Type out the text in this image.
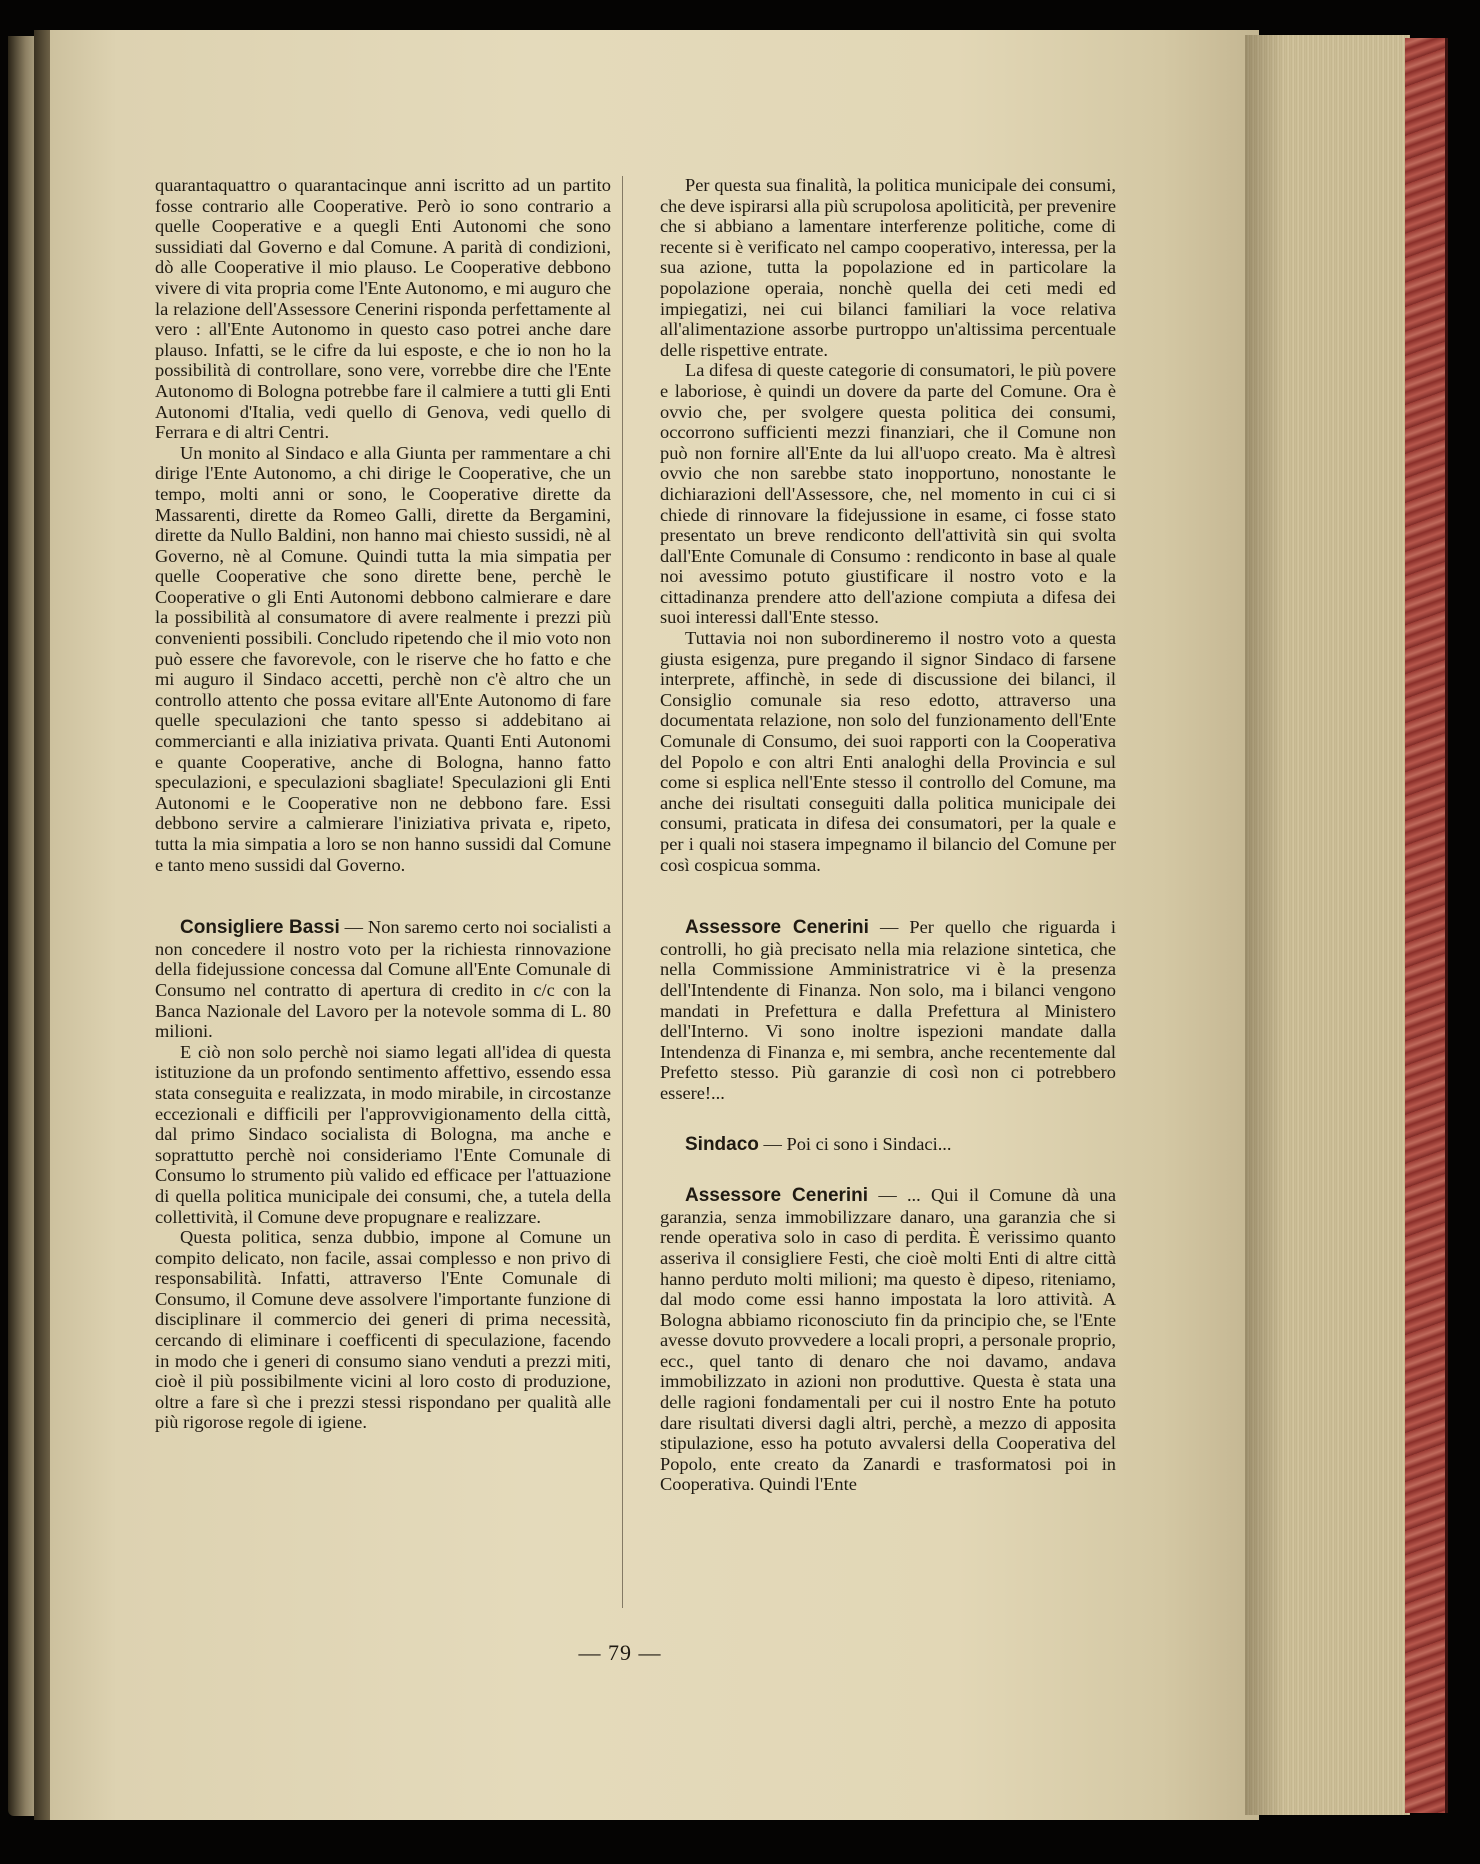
quarantaquattro o quarantacinque anni iscritto ad un partito fosse contrario alle Cooperative. Però io sono contrario a quelle Cooperative e a quegli Enti Autonomi che sono sussidiati dal Governo e dal Comune. A parità di condizioni, dò alle Cooperative il mio plauso. Le Cooperative debbono vivere di vita propria come l'Ente Autonomo, e mi auguro che la relazione dell'Assessore Cenerini risponda perfettamente al vero : all'Ente Autonomo in questo caso potrei anche dare plauso. Infatti, se le cifre da lui esposte, e che io non ho la possibilità di controllare, sono vere, vorrebbe dire che l'Ente Autonomo di Bologna potrebbe fare il calmiere a tutti gli Enti Autonomi d'Italia, vedi quello di Genova, vedi quello di Ferrara e di altri Centri.

Un monito al Sindaco e alla Giunta per rammentare a chi dirige l'Ente Autonomo, a chi dirige le Cooperative, che un tempo, molti anni or sono, le Cooperative dirette da Massarenti, dirette da Romeo Galli, dirette da Bergamini, dirette da Nullo Baldini, non hanno mai chiesto sussidi, nè al Governo, nè al Comune. Quindi tutta la mia simpatia per quelle Cooperative che sono dirette bene, perchè le Cooperative o gli Enti Autonomi debbono calmierare e dare la possibilità al consumatore di avere realmente i prezzi più convenienti possibili. Concludo ripetendo che il mio voto non può essere che favorevole, con le riserve che ho fatto e che mi auguro il Sindaco accetti, perchè non c'è altro che un controllo attento che possa evitare all'Ente Autonomo di fare quelle speculazioni che tanto spesso si addebitano ai commercianti e alla iniziativa privata. Quanti Enti Autonomi e quante Cooperative, anche di Bologna, hanno fatto speculazioni, e speculazioni sbagliate! Speculazioni gli Enti Autonomi e le Cooperative non ne debbono fare. Essi debbono servire a calmierare l'iniziativa privata e, ripeto, tutta la mia simpatia a loro se non hanno sussidi dal Comune e tanto meno sussidi dal Governo.

Consigliere Bassi — Non saremo certo noi socialisti a non concedere il nostro voto per la richiesta rinnovazione della fidejussione concessa dal Comune all'Ente Comunale di Consumo nel contratto di apertura di credito in c/c con la Banca Nazionale del Lavoro per la notevole somma di L. 80 milioni.

E ciò non solo perchè noi siamo legati all'idea di questa istituzione da un profondo sentimento affettivo, essendo essa stata conseguita e realizzata, in modo mirabile, in circostanze eccezionali e difficili per l'approvvigionamento della città, dal primo Sindaco socialista di Bologna, ma anche e soprattutto perchè noi consideriamo l'Ente Comunale di Consumo lo strumento più valido ed efficace per l'attuazione di quella politica municipale dei consumi, che, a tutela della collettività, il Comune deve propugnare e realizzare.

Questa politica, senza dubbio, impone al Comune un compito delicato, non facile, assai complesso e non privo di responsabilità. Infatti, attraverso l'Ente Comunale di Consumo, il Comune deve assolvere l'importante funzione di disciplinare il commercio dei generi di prima necessità, cercando di eliminare i coefficenti di speculazione, facendo in modo che i generi di consumo siano venduti a prezzi miti, cioè il più possibilmente vicini al loro costo di produzione, oltre a fare sì che i prezzi stessi rispondano per qualità alle più rigorose regole di igiene.

Per questa sua finalità, la politica municipale dei consumi, che deve ispirarsi alla più scrupolosa apoliticità, per prevenire che si abbiano a lamentare interferenze politiche, come di recente si è verificato nel campo cooperativo, interessa, per la sua azione, tutta la popolazione ed in particolare la popolazione operaia, nonchè quella dei ceti medi ed impiegatizi, nei cui bilanci familiari la voce relativa all'alimentazione assorbe purtroppo un'altissima percentuale delle rispettive entrate.

La difesa di queste categorie di consumatori, le più povere e laboriose, è quindi un dovere da parte del Comune. Ora è ovvio che, per svolgere questa politica dei consumi, occorrono sufficienti mezzi finanziari, che il Comune non può non fornire all'Ente da lui all'uopo creato. Ma è altresì ovvio che non sarebbe stato inopportuno, nonostante le dichiarazioni dell'Assessore, che, nel momento in cui ci si chiede di rinnovare la fidejussione in esame, ci fosse stato presentato un breve rendiconto dell'attività sin qui svolta dall'Ente Comunale di Consumo : rendiconto in base al quale noi avessimo potuto giustificare il nostro voto e la cittadinanza prendere atto dell'azione compiuta a difesa dei suoi interessi dall'Ente stesso.

Tuttavia noi non subordineremo il nostro voto a questa giusta esigenza, pure pregando il signor Sindaco di farsene interprete, affinchè, in sede di discussione dei bilanci, il Consiglio comunale sia reso edotto, attraverso una documentata relazione, non solo del funzionamento dell'Ente Comunale di Consumo, dei suoi rapporti con la Cooperativa del Popolo e con altri Enti analoghi della Provincia e sul come si esplica nell'Ente stesso il controllo del Comune, ma anche dei risultati conseguiti dalla politica municipale dei consumi, praticata in difesa dei consumatori, per la quale e per i quali noi stasera impegnamo il bilancio del Comune per così cospicua somma.

Assessore Cenerini — Per quello che riguarda i controlli, ho già precisato nella mia relazione sintetica, che nella Commissione Amministratrice vi è la presenza dell'Intendente di Finanza. Non solo, ma i bilanci vengono mandati in Prefettura e dalla Prefettura al Ministero dell'Interno. Vi sono inoltre ispezioni mandate dalla Intendenza di Finanza e, mi sembra, anche recentemente dal Prefetto stesso. Più garanzie di così non ci potrebbero essere!...

Sindaco — Poi ci sono i Sindaci...

Assessore Cenerini — ... Qui il Comune dà una garanzia, senza immobilizzare danaro, una garanzia che si rende operativa solo in caso di perdita. È verissimo quanto asseriva il consigliere Festi, che cioè molti Enti di altre città hanno perduto molti milioni; ma questo è dipeso, riteniamo, dal modo come essi hanno impostata la loro attività. A Bologna abbiamo riconosciuto fin da principio che, se l'Ente avesse dovuto provvedere a locali propri, a personale proprio, ecc., quel tanto di denaro che noi davamo, andava immobilizzato in azioni non produttive. Questa è stata una delle ragioni fondamentali per cui il nostro Ente ha potuto dare risultati diversi dagli altri, perchè, a mezzo di apposita stipulazione, esso ha potuto avvalersi della Cooperativa del Popolo, ente creato da Zanardi e trasformatosi poi in Cooperativa. Quindi l'Ente

— 79 —
